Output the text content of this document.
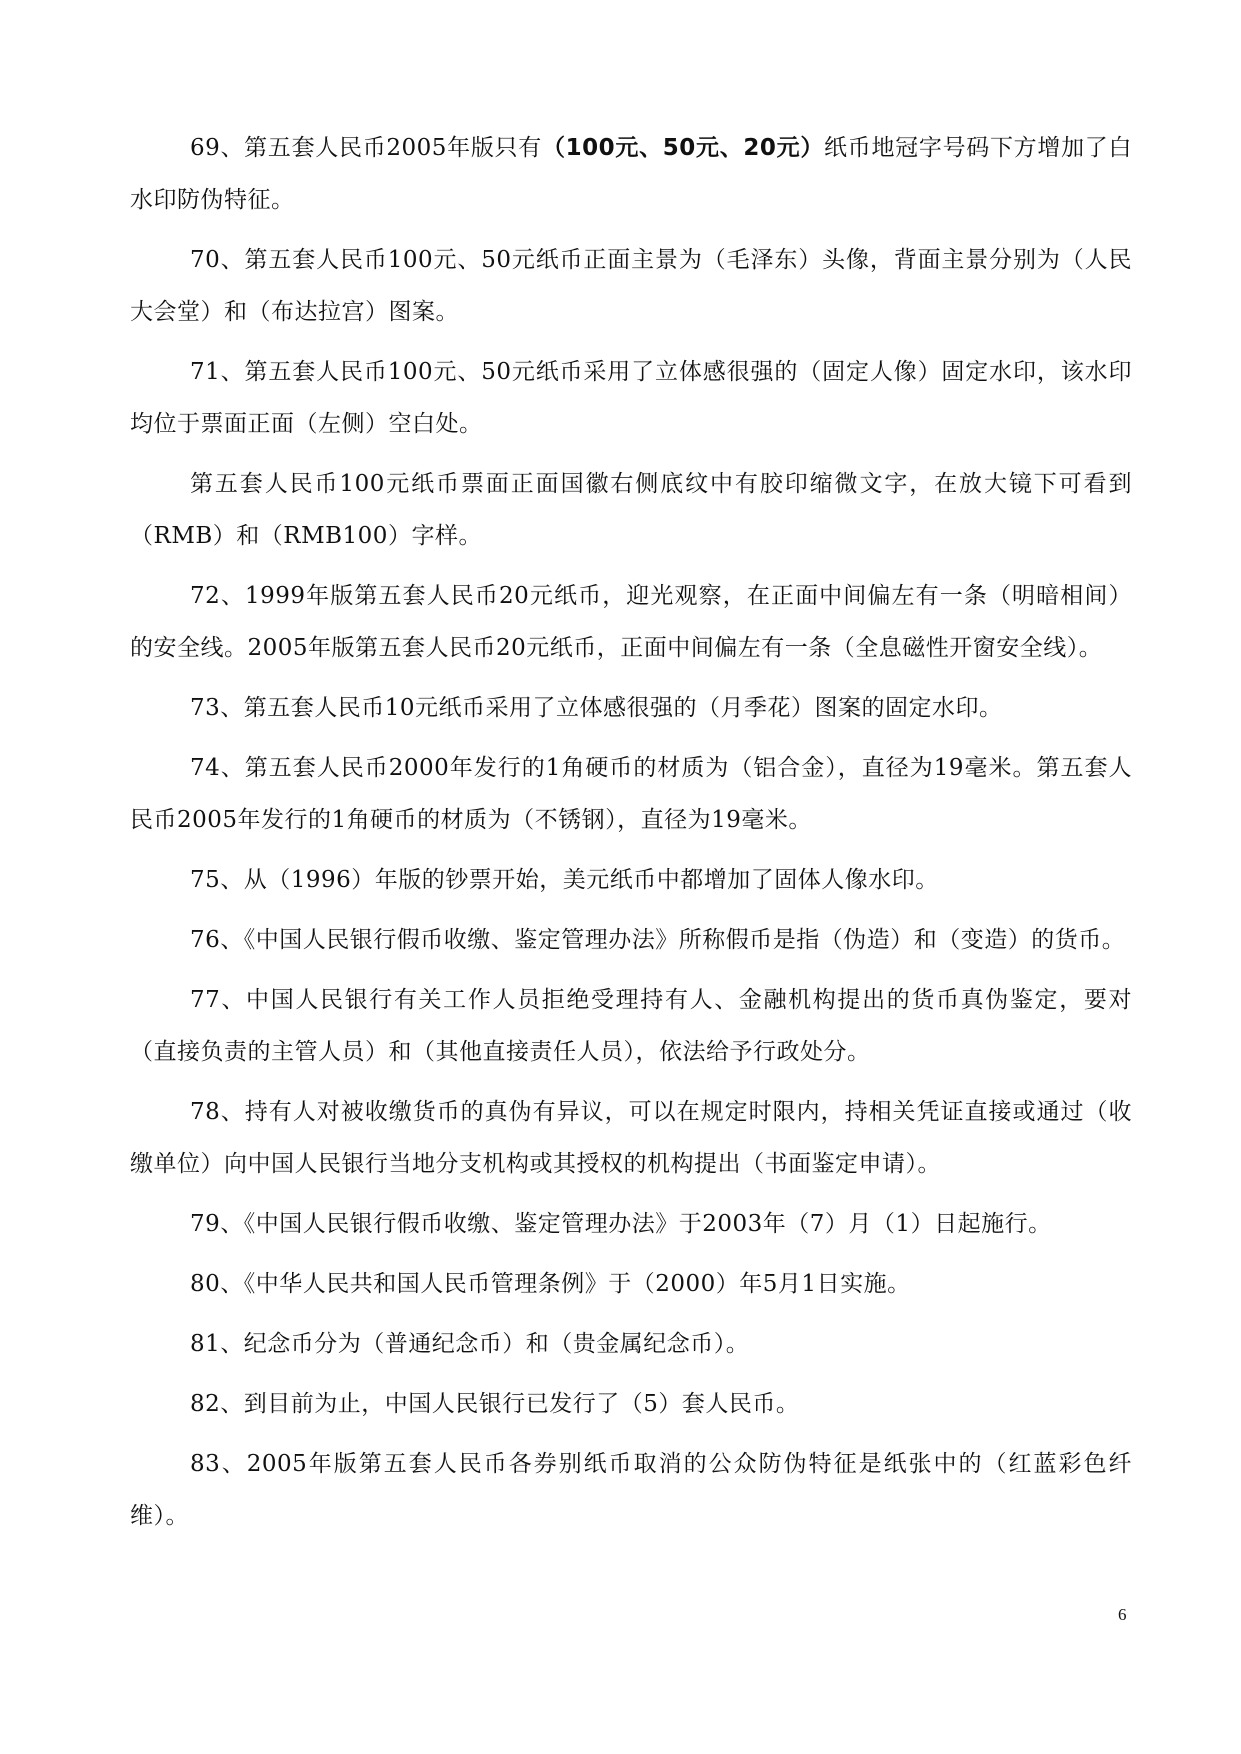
69、第五套人民币2005年版只有（100元、50元、20元）纸币地冠字号码下方增加了白水印防伪特征。

70、第五套人民币100元、50元纸币正面主景为（毛泽东）头像，背面主景分别为（人民大会堂）和（布达拉宫）图案。

71、第五套人民币100元、50元纸币采用了立体感很强的（固定人像）固定水印，该水印均位于票面正面（左侧）空白处。

第五套人民币100元纸币票面正面国徽右侧底纹中有胶印缩微文字，在放大镜下可看到（RMB）和（RMB100）字样。

72、1999年版第五套人民币20元纸币，迎光观察，在正面中间偏左有一条（明暗相间）的安全线。2005年版第五套人民币20元纸币，正面中间偏左有一条（全息磁性开窗安全线）。

73、第五套人民币10元纸币采用了立体感很强的（月季花）图案的固定水印。

74、第五套人民币2000年发行的1角硬币的材质为（铝合金），直径为19毫米。第五套人民币2005年发行的1角硬币的材质为（不锈钢），直径为19毫米。

75、从（1996）年版的钞票开始，美元纸币中都增加了固体人像水印。

76、《中国人民银行假币收缴、鉴定管理办法》所称假币是指（伪造）和（变造）的货币。

77、中国人民银行有关工作人员拒绝受理持有人、金融机构提出的货币真伪鉴定，要对（直接负责的主管人员）和（其他直接责任人员），依法给予行政处分。

78、持有人对被收缴货币的真伪有异议，可以在规定时限内，持相关凭证直接或通过（收缴单位）向中国人民银行当地分支机构或其授权的机构提出（书面鉴定申请）。

79、《中国人民银行假币收缴、鉴定管理办法》于2003年（7）月（1）日起施行。

80、《中华人民共和国人民币管理条例》于（2000）年5月1日实施。

81、纪念币分为（普通纪念币）和（贵金属纪念币）。

82、到目前为止，中国人民银行已发行了（5）套人民币。

83、2005年版第五套人民币各券别纸币取消的公众防伪特征是纸张中的（红蓝彩色纤维）。

6
